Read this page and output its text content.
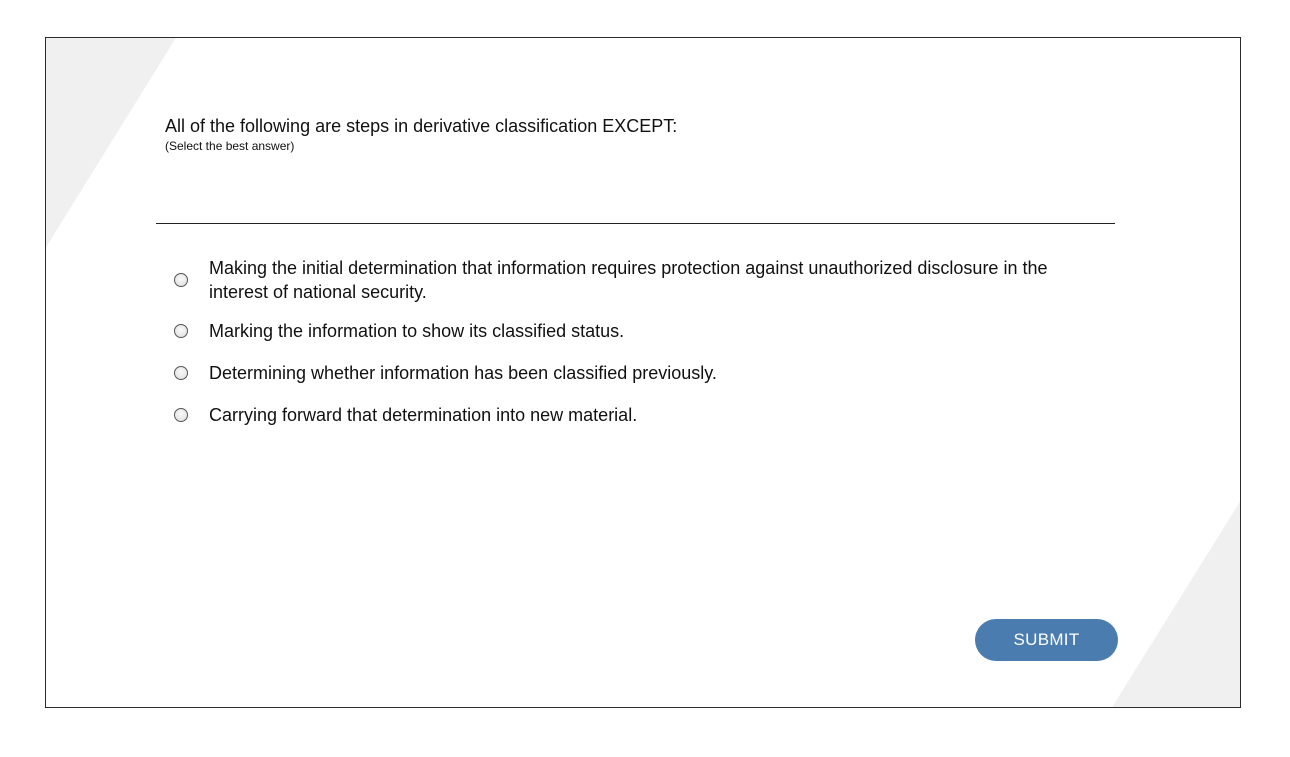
All of the following are steps in derivative classification EXCEPT:
(Select the best answer)
Making the initial determination that information requires protection against unauthorized disclosure in the interest of national security.
Marking the information to show its classified status.
Determining whether information has been classified previously.
Carrying forward that determination into new material.
SUBMIT
